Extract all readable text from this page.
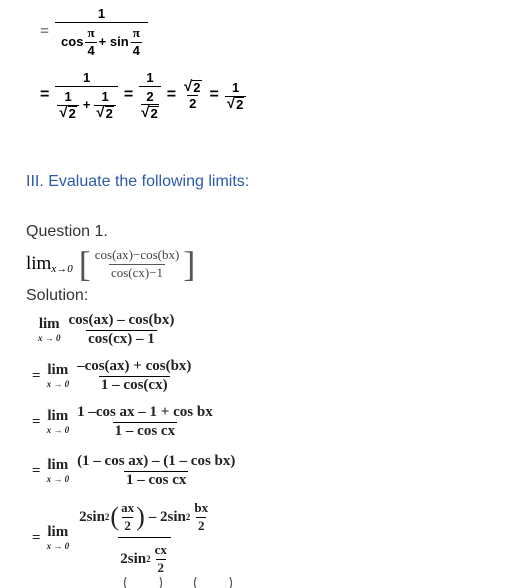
=
1
$\cos \frac{\pi}{4} + \sin \frac{\pi}{4}$
= $\frac{1}{\frac{1}{√ 2} + \frac{1}{√ 2}} = 1$
2
√ $2 = \frac{√ 2}{2} = \frac{1}{√ 2}$
III. Evaluate the following limits:
Question 1.
lim x→0 [ $\frac{\cos(ax)-\cos(bx)}{\cos(cx)-1}$ ]
Solution:
lim
$x \to 0 \frac{\cos(ax) - \cos(bx)}{\cos(cx) - 1}$
= lim
$x \to 0 \frac{-\cos(ax) + \cos(bx)}{1 - \cos(cx)}$
= lim
$x \to 0 \frac{\text{1 –cos ax – 1 + cos bx}}{\text{1 – cos cx}}$
= lim
$x \to 0 \frac{\text{(1 – cos ax) – (1 – cos bx)}}{\text{1 – cos cx}}$
= lim
x → 0
2sin 2 ( $\frac{ax}{2}$ ) – 2sin $2 \frac{bx}{2}$
2sin $2 \frac{cx}{2}$
